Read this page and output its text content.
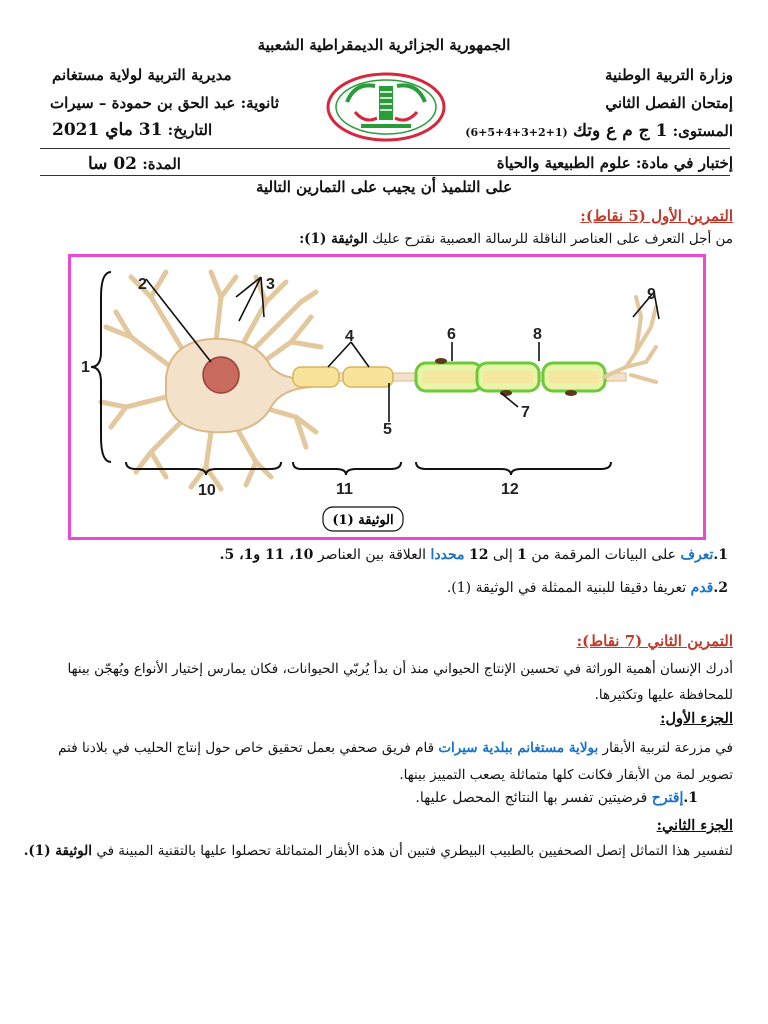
الجمهورية الجزائرية الديمقراطية الشعبية
وزارة التربية الوطنية
مديرية التربية لولاية مستغانم
إمتحان الفصل الثاني
ثانوية: عبد الحق بن حمودة – سيرات
المستوى: 1 ج م ع وتك (1+2+3+4+5+6)
التاريخ: 31 ماي 2021
إختبار في مادة: علوم الطبيعية والحياة
المدة: 02 سا
على التلميذ أن يجيب على التمارين التالية
التمرين الأول (5 نقاط):
من أجل التعرف على العناصر الناقلة للرسالة العصبية نقترح عليك الوثيقة (1):
2	3
1
4
5
6
7
8
9
10	11	12
الوثيقة (1)
1.تعرف على البيانات المرقمة من 1 إلى 12 محددا العلاقة بين العناصر 10، 11 و1، 5.
2.قدم تعريفا دقيقا للبنية الممثلة في الوثيقة (1).
التمرين الثاني (7 نقاط):

أدرك الإنسان أهمية الوراثة في تحسين الإنتاج الحيواني منذ أن بدأ يُربّي الحيوانات، فكان يمارس إختيار الأنواع ويُهجّن بينها للمحافظة عليها وتكثيرها.

الجزء الأول:

في مزرعة لتربية الأبقار بولاية مستغانم ببلدية سيرات قام فريق صحفي بعمل تحقيق خاص حول إنتاج الحليب في بلادنا فتم تصوير لمة من الأبقار فكانت كلها متماثلة يصعب التمييز بينها.

1.إقترح فرضيتين تفسر بها النتائج المحصل عليها.
الجزء الثاني:
لتفسير هذا التماثل إتصل الصحفيين بالطبيب البيطري فتبين أن هذه الأبقار المتماثلة تحصلوا عليها بالتقنية المبينة في الوثيقة (1).
